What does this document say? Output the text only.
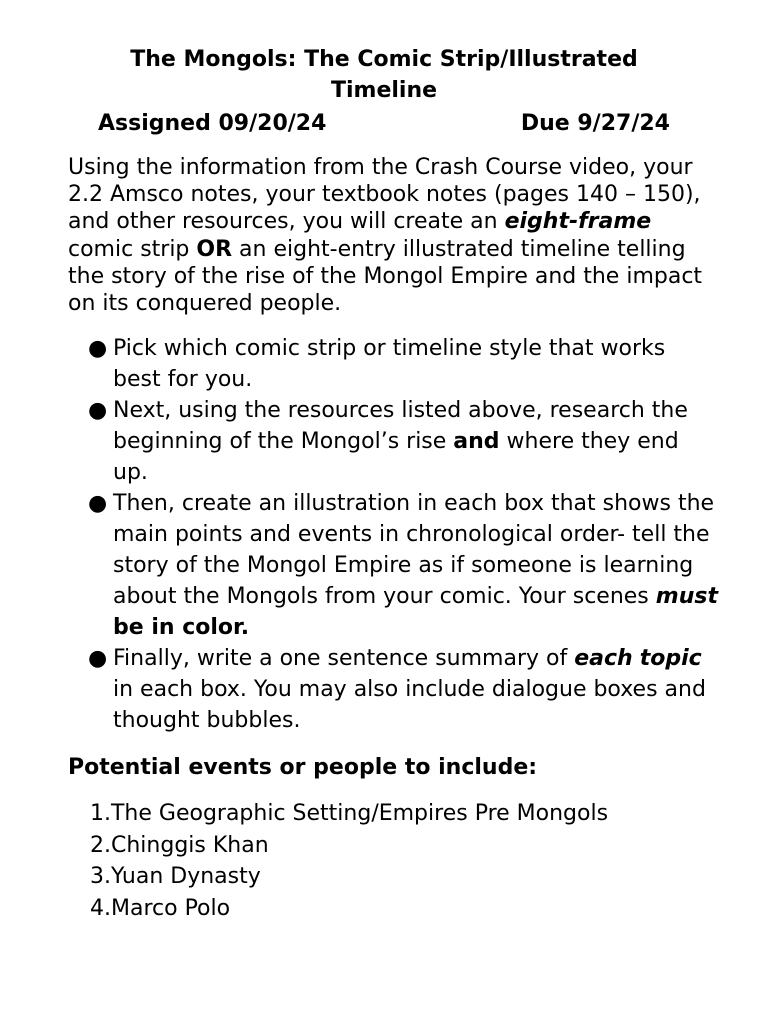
The Mongols: The Comic Strip/Illustrated
Timeline
Assigned 09/20/24	Due 9/27/24
Using the information from the Crash Course video, your 2.2 Amsco notes, your textbook notes (pages 140 – 150), and other resources, you will create an eight-frame comic strip OR an eight-entry illustrated timeline telling the story of the rise of the Mongol Empire and the impact on its conquered people.
● Pick which comic strip or timeline style that works best for you.
● Next, using the resources listed above, research the beginning of the Mongol’s rise and where they end up.
● Then, create an illustration in each box that shows the main points and events in chronological order- tell the story of the Mongol Empire as if someone is learning about the Mongols from your comic. Your scenes must be in color.
● Finally, write a one sentence summary of each topic in each box. You may also include dialogue boxes and thought bubbles.
Potential events or people to include:
1.The Geographic Setting/Empires Pre Mongols
2.Chinggis Khan
3.Yuan Dynasty
4.Marco Polo
